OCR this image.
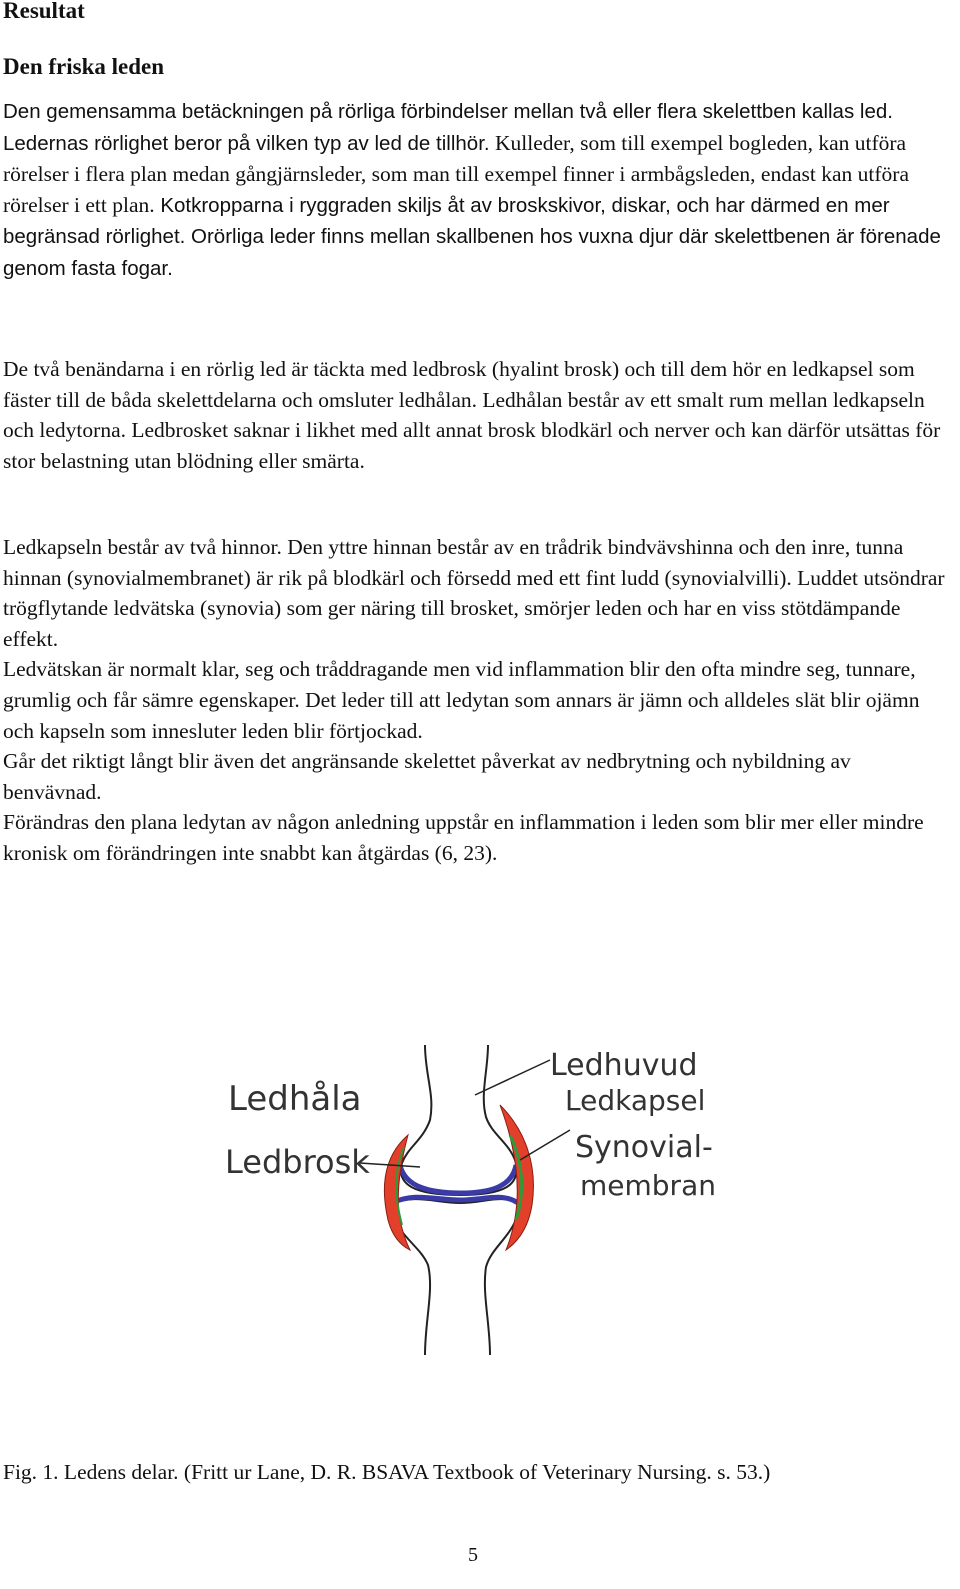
Resultat
Den friska leden

Den gemensamma betäckningen på rörliga förbindelser mellan två eller flera skelettben kallas led. Ledernas rörlighet beror på vilken typ av led de tillhör. Kulleder, som till exempel bogleden, kan utföra rörelser i flera plan medan gångjärnsleder, som man till exempel finner i armbågsleden, endast kan utföra rörelser i ett plan. Kotkropparna i ryggraden skiljs åt av broskskivor, diskar, och har därmed en mer begränsad rörlighet. Orörliga leder finns mellan skallbenen hos vuxna djur där skelettbenen är förenade genom fasta fogar.

De två benändarna i en rörlig led är täckta med ledbrosk (hyalint brosk) och till dem hör en ledkapsel som fäster till de båda skelettdelarna och omsluter ledhålan. Ledhålan består av ett smalt rum mellan ledkapseln och ledytorna. Ledbrosket saknar i likhet med allt annat brosk blodkärl och nerver och kan därför utsättas för stor belastning utan blödning eller smärta.

Ledkapseln består av två hinnor. Den yttre hinnan består av en trådrik bindvävshinna och den inre, tunna hinnan (synovialmembranet) är rik på blodkärl och försedd med ett fint ludd (synovialvilli). Luddet utsöndrar trögflytande ledvätska (synovia) som ger näring till brosket, smörjer leden och har en viss stötdämpande effekt.
Ledvätskan är normalt klar, seg och tråddragande men vid inflammation blir den ofta mindre seg, tunnare, grumlig och får sämre egenskaper. Det leder till att ledytan som annars är jämn och alldeles slät blir ojämn och kapseln som innesluter leden blir förtjockad.
Går det riktigt långt blir även det angränsande skelettet påverkat av nedbrytning och nybildning av benvävnad.
Förändras den plana ledytan av någon anledning uppstår en inflammation i leden som blir mer eller mindre kronisk om förändringen inte snabbt kan åtgärdas (6, 23).
Ledhåla
Ledbrosk
Ledhuvud
Ledkapsel
Synovial-
membran

Fig. 1. Ledens delar. (Fritt ur Lane, D. R. BSAVA Textbook of Veterinary Nursing. s. 53.)

5
